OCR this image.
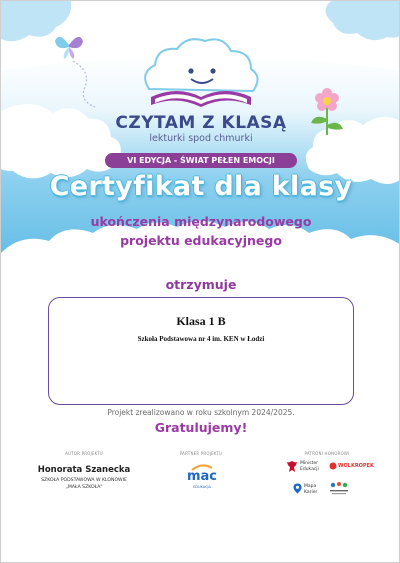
CZYTAM Z KLASĄ
lekturki spod chmurki
VI EDYCJA - ŚWIAT PEŁEN EMOCJI
Certyfikat dla klasy
ukończenia międzynarodowego
projektu edukacyjnego
otrzymuje
Klasa 1 B
Szkoła Podstawowa nr 4 im. KEN w Łodzi
Projekt zrealizowano w roku szkolnym 2024/2025.
Gratulujemy!
AUTOR PROJEKTU
Honorata Szanecka
SZKOŁA PODSTAWOWA W KLONOWIE
„MAŁA SZKOŁA"
PARTNER PROJEKTU
mac
EDUKACJA
PATRONI HONOROWI
Minister
Edukacji
WOLKROPEK
Mapa
Karier
